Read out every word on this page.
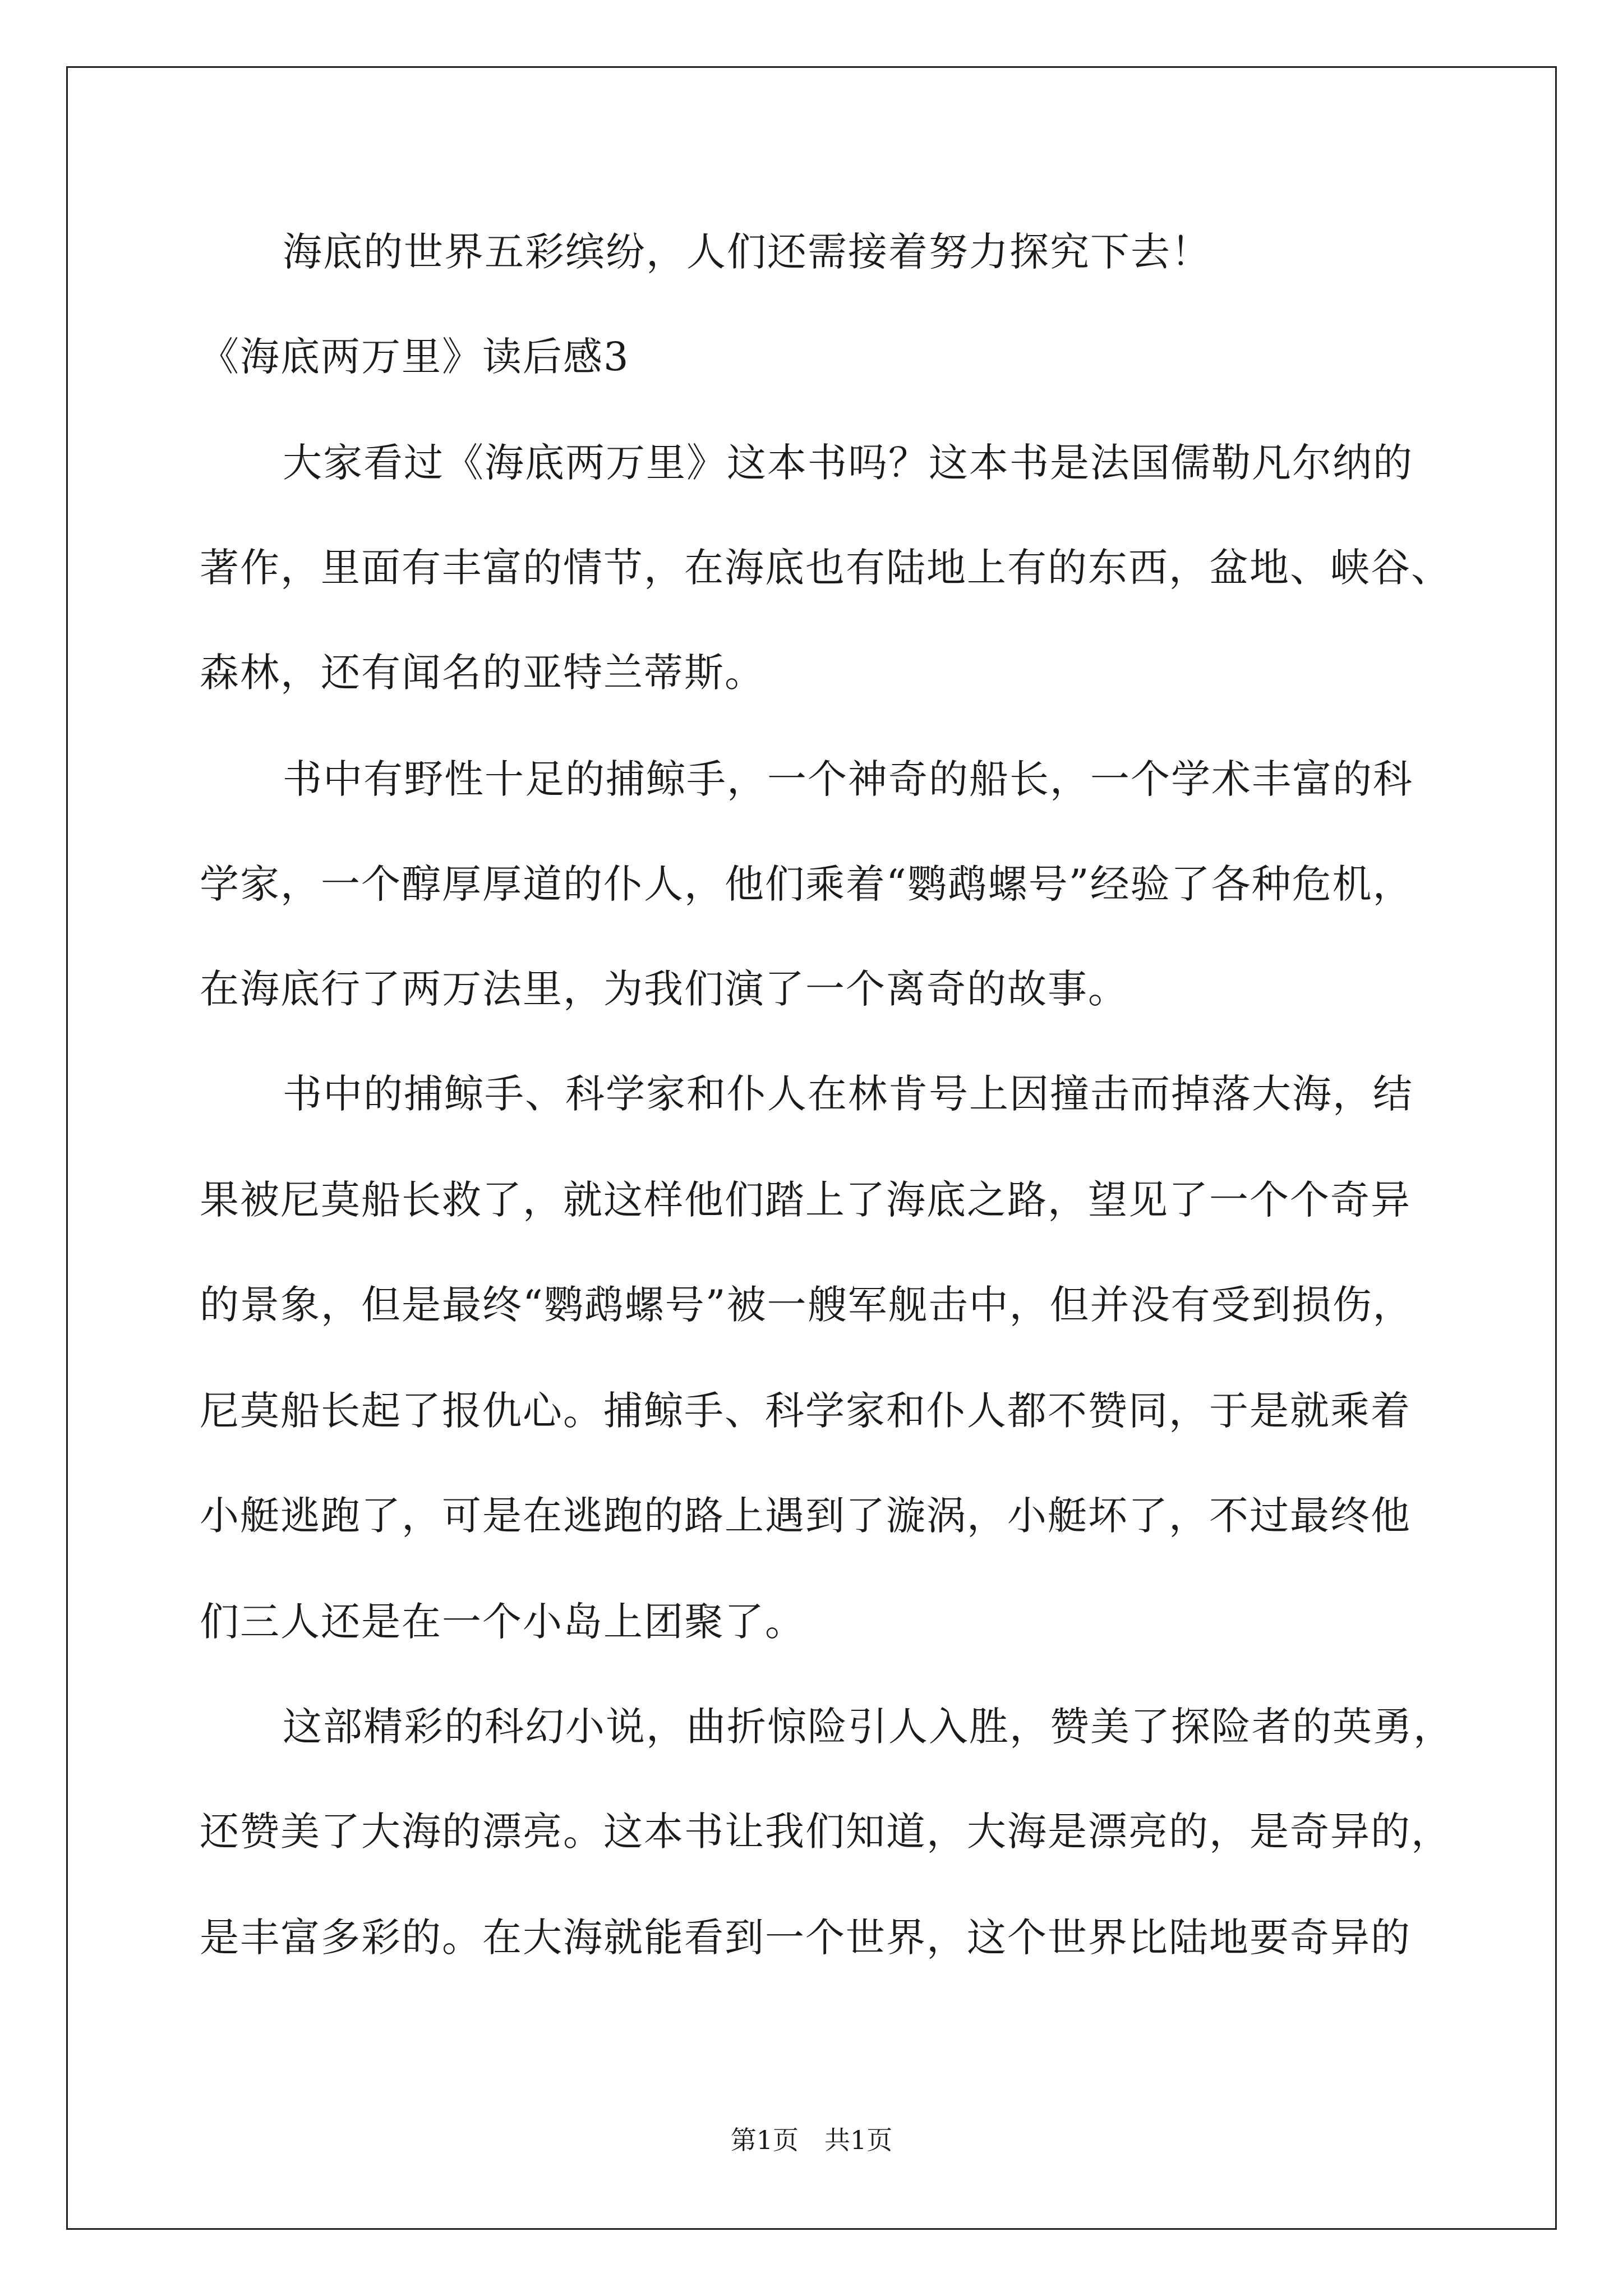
海底的世界五彩缤纷，人们还需接着努力探究下去！
《海底两万里》读后感3
大家看过《海底两万里》这本书吗？这本书是法国儒勒凡尔纳的
著作，里面有丰富的情节，在海底也有陆地上有的东西，盆地、峡谷、
森林，还有闻名的亚特兰蒂斯。
书中有野性十足的捕鲸手，一个神奇的船长，一个学术丰富的科
学家，一个醇厚厚道的仆人，他们乘着“鹦鹉螺号”经验了各种危机，
在海底行了两万法里，为我们演了一个离奇的故事。
书中的捕鲸手、科学家和仆人在林肯号上因撞击而掉落大海，结
果被尼莫船长救了，就这样他们踏上了海底之路，望见了一个个奇异
的景象，但是最终“鹦鹉螺号”被一艘军舰击中，但并没有受到损伤，
尼莫船长起了报仇心。捕鲸手、科学家和仆人都不赞同，于是就乘着
小艇逃跑了，可是在逃跑的路上遇到了漩涡，小艇坏了，不过最终他
们三人还是在一个小岛上团聚了。
这部精彩的科幻小说，曲折惊险引人入胜，赞美了探险者的英勇，
还赞美了大海的漂亮。这本书让我们知道，大海是漂亮的，是奇异的，
是丰富多彩的。在大海就能看到一个世界，这个世界比陆地要奇异的
第1页　共1页
